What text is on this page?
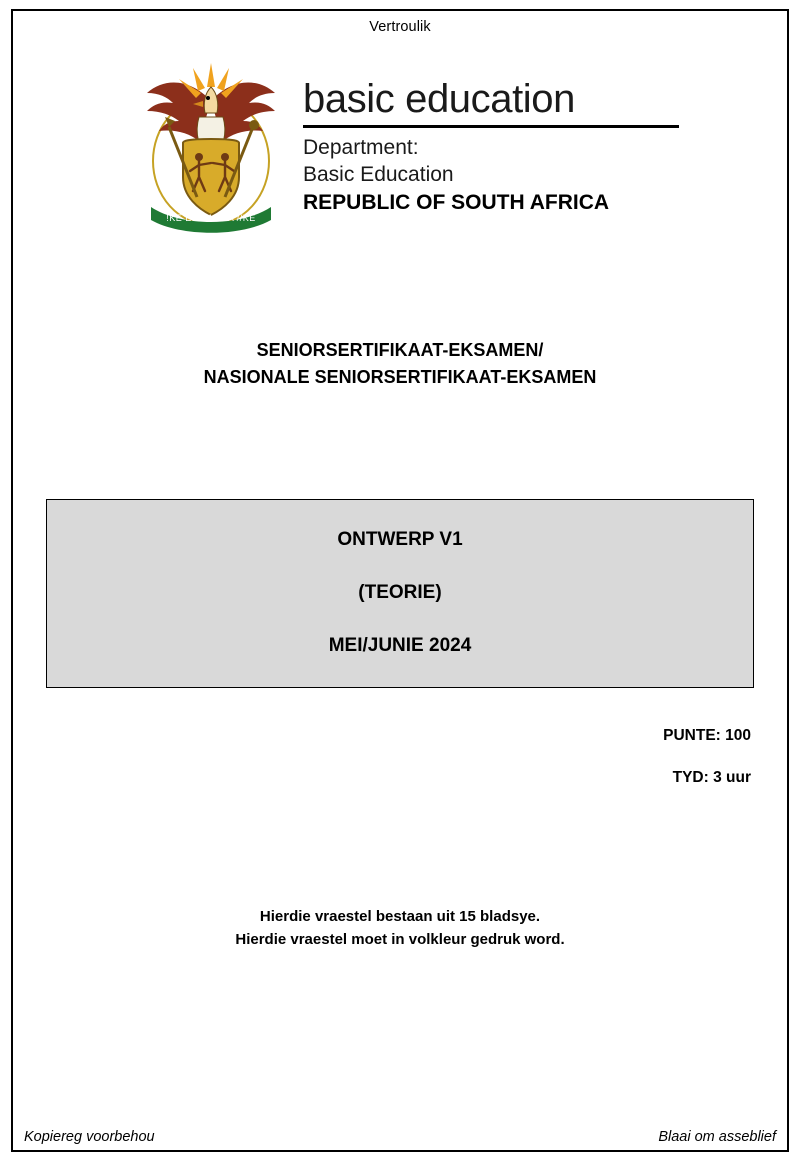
Vertroulik
!KE E: /XARRA //KE
basic education
Department:
Basic Education
REPUBLIC OF SOUTH AFRICA
SENIORSERTIFIKAAT-EKSAMEN/
NASIONALE SENIORSERTIFIKAAT-EKSAMEN

ONTWERP V1

(TEORIE)

MEI/JUNIE 2024

PUNTE: 100
TYD: 3 uur
Hierdie vraestel bestaan uit 15 bladsye.
Hierdie vraestel moet in volkleur gedruk word.
Kopiereg voorbehou	Blaai om asseblief
